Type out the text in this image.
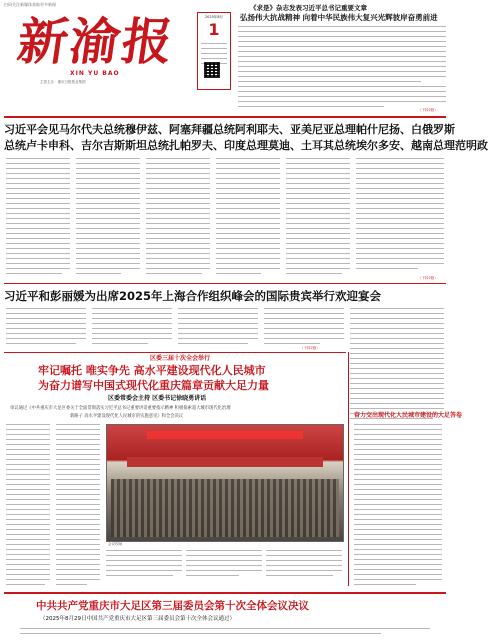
扫码关注新媒体获取更多新闻
新渝报
XIN YU BAO
主管主办：重庆日报报业集团
2025年8月
1
《求是》杂志发表习近平总书记重要文章
弘扬伟大抗战精神 向着中华民族伟大复兴光辉彼岸奋勇前进
（下转2版）
习近平会见马尔代夫总统穆伊兹、阿塞拜疆总统阿利耶夫、亚美尼亚总理帕什尼扬、白俄罗斯
总统卢卡申科、吉尔吉斯斯坦总统扎帕罗夫、印度总理莫迪、土耳其总统埃尔多安、越南总理范明政
（下转2版）
习近平和彭丽媛为出席2025年上海合作组织峰会的国际贵宾举行欢迎宴会
（下转2版）
区委三届十次全会举行
牢记嘱托 唯实争先 高水平建设现代化人民城市
为奋力谱写中国式现代化重庆篇章贡献大足力量
区委常委会主持 区委书记徐晓勇讲话
审议通过《中共重庆市大足区委关于全面贯彻落实习近平总书记重要讲话重要指示精神 积极探索超大城市现代化治理
新路子 高水平建设现代化人民城市的实施意见》和全会决议
会议现场
奋力交出现代化人民城市建设的大足答卷
中共共产党重庆市大足区第三届委员会第十次全体会议决议
（2025年8月29日中国共产党重庆市大足区第三届委员会第十次全体会议通过）
